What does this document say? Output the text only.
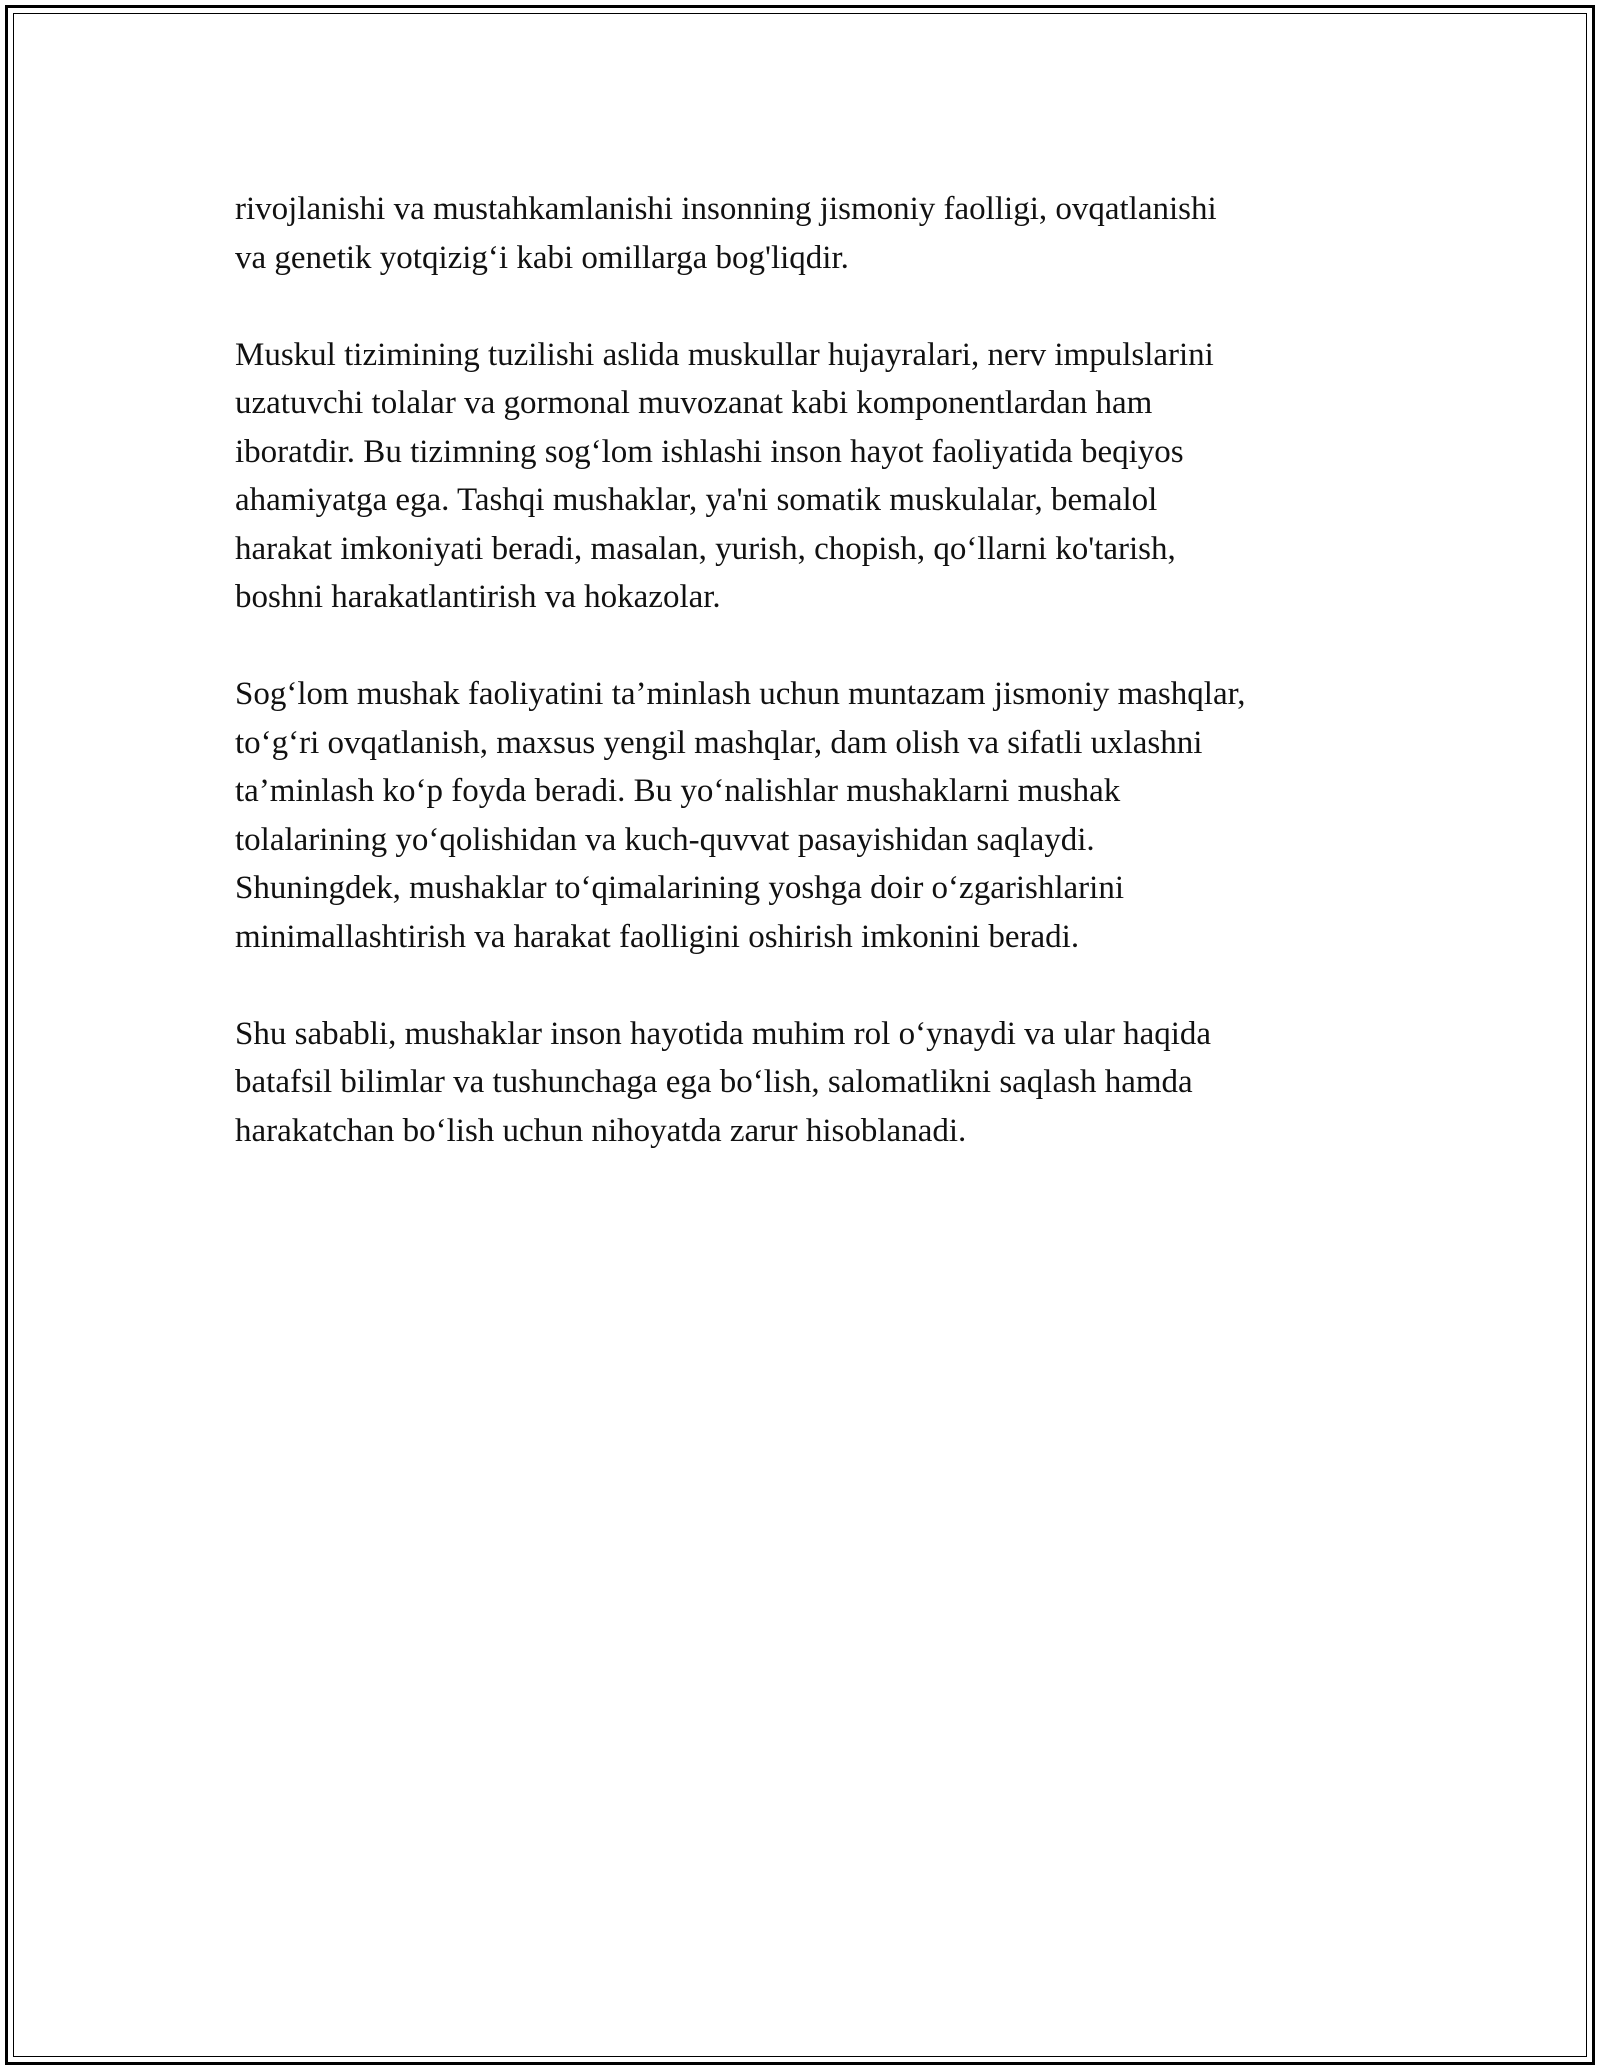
rivojlanishi va mustahkamlanishi insonning jismoniy faolligi, ovqatlanishi
va genetik yotqizig‘i kabi omillarga bog'liqdir.

Muskul tizimining tuzilishi aslida muskullar hujayralari, nerv impulslarini
uzatuvchi tolalar va gormonal muvozanat kabi komponentlardan ham
iboratdir. Bu tizimning sog‘lom ishlashi inson hayot faoliyatida beqiyos
ahamiyatga ega. Tashqi mushaklar, ya'ni somatik muskulalar, bemalol
harakat imkoniyati beradi, masalan, yurish, chopish, qo‘llarni ko'tarish,
boshni harakatlantirish va hokazolar.

Sog‘lom mushak faoliyatini ta’minlash uchun muntazam jismoniy mashqlar,
to‘g‘ri ovqatlanish, maxsus yengil mashqlar, dam olish va sifatli uxlashni
ta’minlash ko‘p foyda beradi. Bu yo‘nalishlar mushaklarni mushak
tolalarining yo‘qolishidan va kuch-quvvat pasayishidan saqlaydi.
Shuningdek, mushaklar to‘qimalarining yoshga doir o‘zgarishlarini
minimallashtirish va harakat faolligini oshirish imkonini beradi.

Shu sababli, mushaklar inson hayotida muhim rol o‘ynaydi va ular haqida
batafsil bilimlar va tushunchaga ega bo‘lish, salomatlikni saqlash hamda
harakatchan bo‘lish uchun nihoyatda zarur hisoblanadi.
